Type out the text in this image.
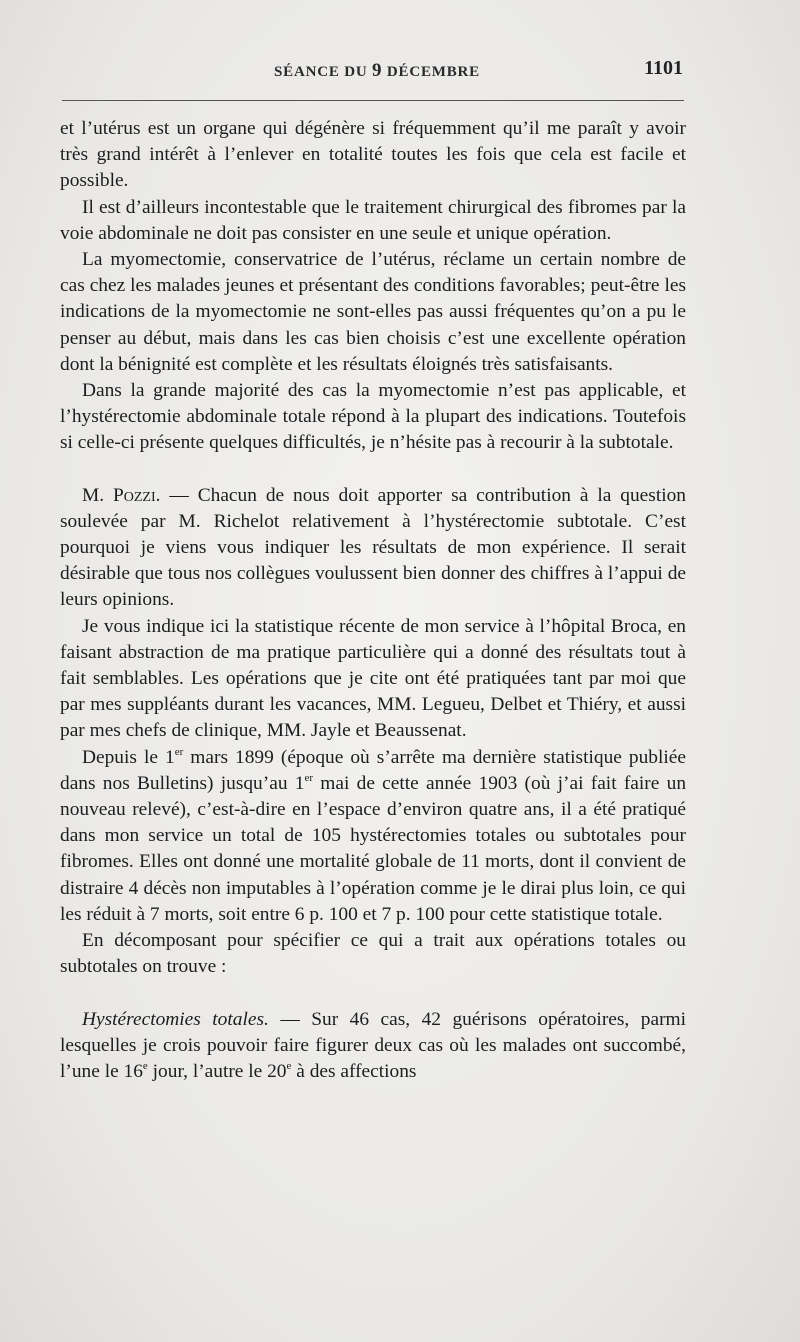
SÉANCE DU 9 DÉCEMBRE	1101

et l’utérus est un organe qui dégénère si fréquemment qu’il me paraît y avoir très grand intérêt à l’enlever en totalité toutes les fois que cela est facile et possible.

Il est d’ailleurs incontestable que le traitement chirurgical des fibromes par la voie abdominale ne doit pas consister en une seule et unique opération.

La myomectomie, conservatrice de l’utérus, réclame un certain nombre de cas chez les malades jeunes et présentant des conditions favorables; peut-être les indications de la myomectomie ne sont-elles pas aussi fréquentes qu’on a pu le penser au début, mais dans les cas bien choisis c’est une excellente opération dont la bénignité est complète et les résultats éloignés très satisfaisants.

Dans la grande majorité des cas la myomectomie n’est pas applicable, et l’hystérectomie abdominale totale répond à la plupart des indications. Toutefois si celle-ci présente quelques difficultés, je n’hésite pas à recourir à la subtotale.

M. Pozzi. — Chacun de nous doit apporter sa contribution à la question soulevée par M. Richelot relativement à l’hystérectomie subtotale. C’est pourquoi je viens vous indiquer les résultats de mon expérience. Il serait désirable que tous nos collègues voulussent bien donner des chiffres à l’appui de leurs opinions.

Je vous indique ici la statistique récente de mon service à l’hôpital Broca, en faisant abstraction de ma pratique particulière qui a donné des résultats tout à fait semblables. Les opérations que je cite ont été pratiquées tant par moi que par mes suppléants durant les vacances, MM. Legueu, Delbet et Thiéry, et aussi par mes chefs de clinique, MM. Jayle et Beaussenat.

Depuis le 1er mars 1899 (époque où s’arrête ma dernière statistique publiée dans nos Bulletins) jusqu’au 1er mai de cette année 1903 (où j’ai fait faire un nouveau relevé), c’est-à-dire en l’espace d’environ quatre ans, il a été pratiqué dans mon service un total de 105 hystérectomies totales ou subtotales pour fibromes. Elles ont donné une mortalité globale de 11 morts, dont il convient de distraire 4 décès non imputables à l’opération comme je le dirai plus loin, ce qui les réduit à 7 morts, soit entre 6 p. 100 et 7 p. 100 pour cette statistique totale.

En décomposant pour spécifier ce qui a trait aux opérations totales ou subtotales on trouve :

Hystérectomies totales. — Sur 46 cas, 42 guérisons opératoires, parmi lesquelles je crois pouvoir faire figurer deux cas où les malades ont succombé, l’une le 16e jour, l’autre le 20e à des affections
